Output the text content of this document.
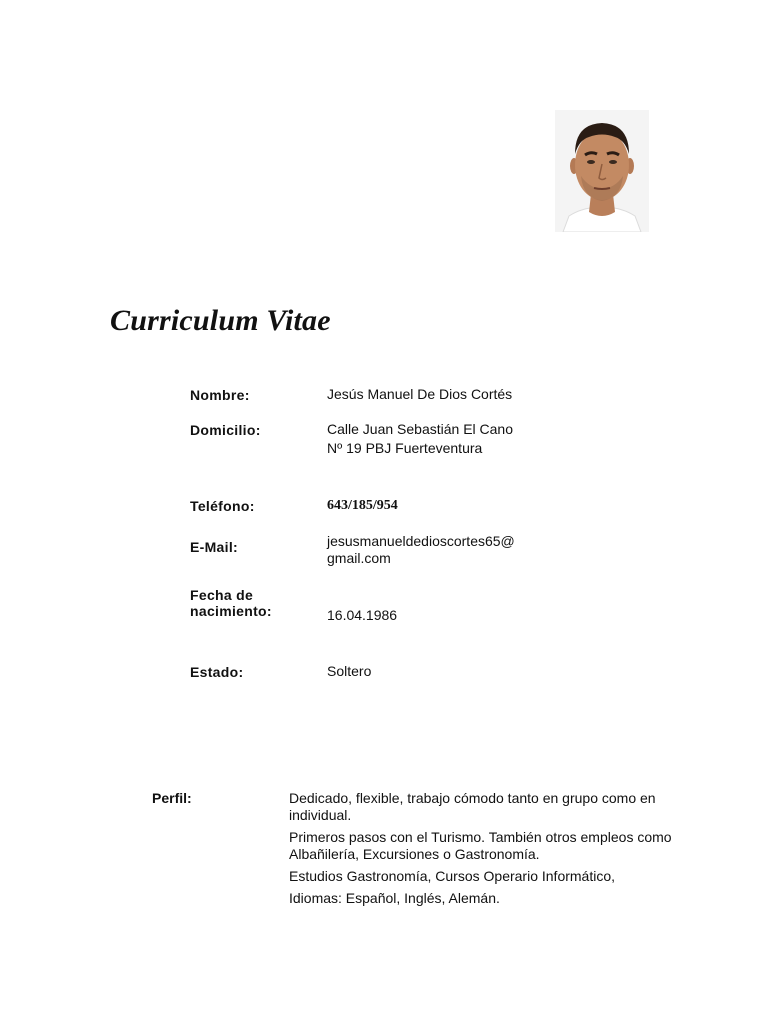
Curriculum Vitae
Nombre:	Jesús Manuel De Dios Cortés
Domicilio:	Calle Juan Sebastián El Cano
Nº 19 PBJ Fuerteventura
Teléfono:	643/185/954
E-Mail:	jesusmanueldedioscortes65@
gmail.com
Fecha de
nacimiento:	16.04.1986
Estado:	Soltero
Perfil:	Dedicado, flexible, trabajo cómodo tanto en grupo como en individual.

Primeros pasos con el Turismo. También otros empleos como Albañilería, Excursiones o Gastronomía.

Estudios Gastronomía, Cursos Operario Informático,

Idiomas: Español, Inglés, Alemán.
